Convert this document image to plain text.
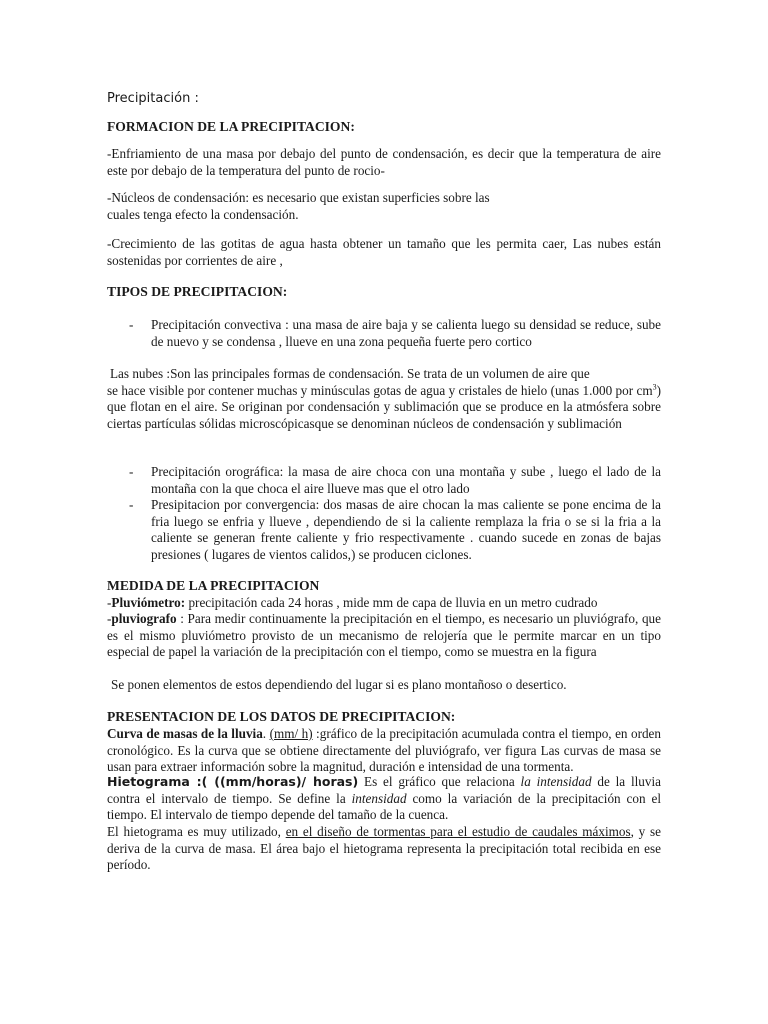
Precipitación :
FORMACION DE LA PRECIPITACION:

-Enfriamiento de una masa por debajo del punto de condensación, es decir que la temperatura de aire este por debajo de la temperatura del punto de rocio-

-Núcleos de condensación: es necesario que existan superficies sobre las
cuales tenga efecto la condensación.

-Crecimiento de las gotitas de agua hasta obtener un tamaño que les permita caer, Las nubes están sostenidas por corrientes de aire ,

TIPOS DE PRECIPITACION:
- Precipitación convectiva : una masa de aire baja y se calienta luego su densidad se reduce, sube de nuevo y se condensa , llueve en una zona pequeña fuerte pero cortico
Las nubes :Son las principales formas de condensación. Se trata de un volumen de aire que
se hace visible por contener muchas y minúsculas gotas de agua y cristales de hielo (unas 1.000 por $cm^3$) que flotan en el aire. Se originan por condensación y sublimación que se produce en la atmósfera sobre ciertas partículas sólidas microscópicasque se denominan núcleos de condensación y sublimación
- Precipitación orográfica: la masa de aire choca con una montaña y sube , luego el lado de la montaña con la que choca el aire llueve mas que el otro lado
- Presipitacion por convergencia: dos masas de aire chocan la mas caliente se pone encima de la fria luego se enfria y llueve , dependiendo de si la caliente remplaza la fria o se si la fria a la caliente se generan frente caliente y frio respectivamente . cuando sucede en zonas de bajas presiones ( lugares de vientos calidos,) se producen ciclones.
MEDIDA DE LA PRECIPITACION
-Pluviómetro: precipitación cada 24 horas , mide mm de capa de lluvia en un metro cudrado
-pluviografo : Para medir continuamente la precipitación en el tiempo, es necesario un pluviógrafo, que es el mismo pluviómetro provisto de un mecanismo de relojería que le permite marcar en un tipo especial de papel la variación de la precipitación con el tiempo, como se muestra en la figura
Se ponen elementos de estos dependiendo del lugar si es plano montañoso o desertico.
PRESENTACION DE LOS DATOS DE PRECIPITACION:
Curva de masas de la lluvia. (mm/ h) :gráfico de la precipitación acumulada contra el tiempo, en orden cronológico. Es la curva que se obtiene directamente del pluviógrafo, ver figura Las curvas de masa se usan para extraer información sobre la magnitud, duración e intensidad de una tormenta.
Hietograma :( ((mm/horas)/ horas) Es el gráfico que relaciona la intensidad de la lluvia contra el intervalo de tiempo. Se define la intensidad como la variación de la precipitación con el tiempo. El intervalo de tiempo depende del tamaño de la cuenca.
El hietograma es muy utilizado, en el diseño de tormentas para el estudio de caudales máximos, y se deriva de la curva de masa. El área bajo el hietograma representa la precipitación total recibida en ese período.
